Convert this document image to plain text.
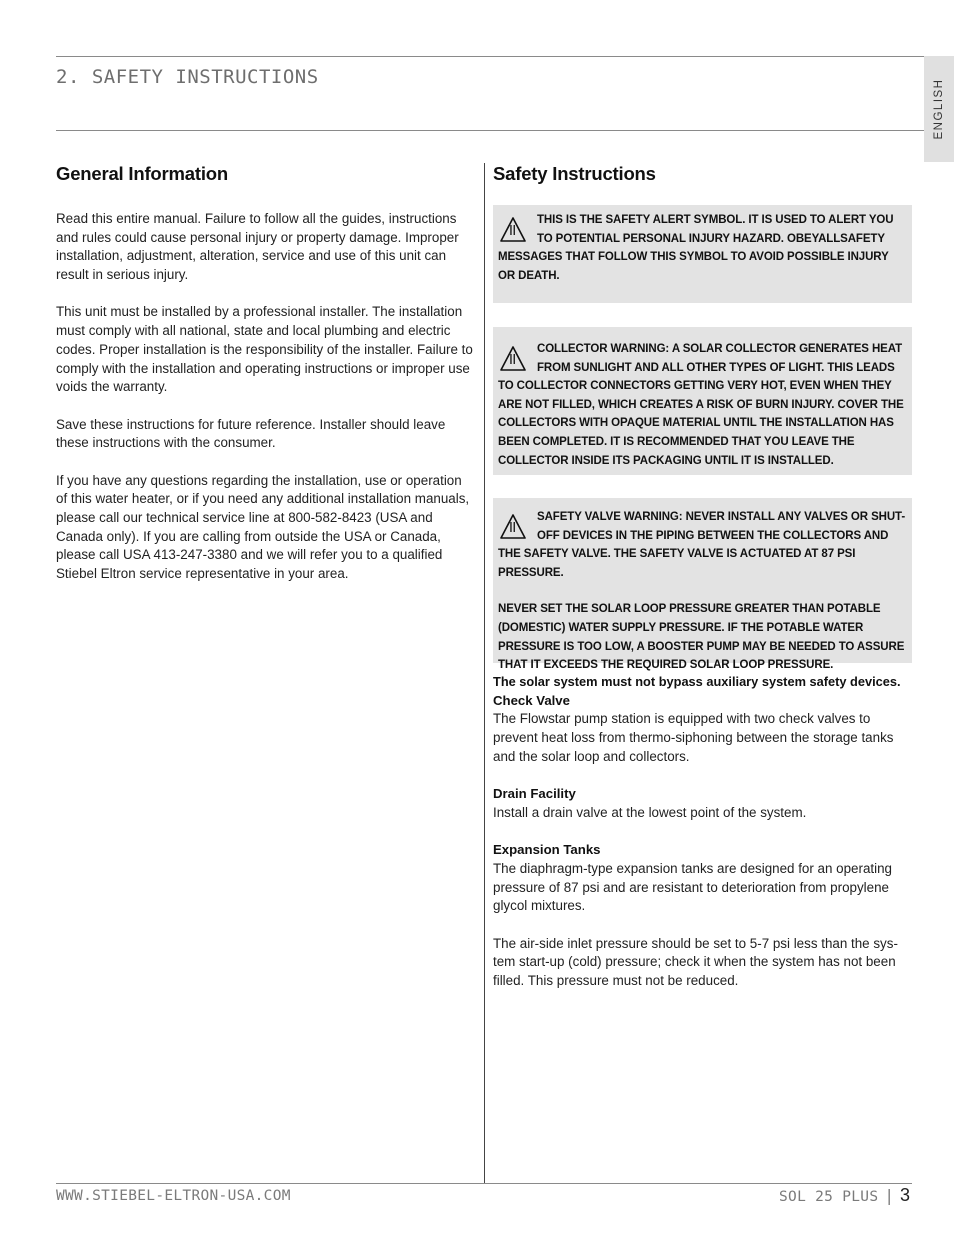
2. SAFETY INSTRUCTIONS
ENGLISH
General Information

Read this entire manual. Failure to follow all the guides, instructions and rules could cause personal injury or property damage. Improper installation, adjustment, alteration, service and use of this unit can result in serious injury.

This unit must be installed by a professional installer. The installation must comply with all national, state and local plumbing and electric codes. Proper installation is the responsibility of the installer. Failure to comply with the installation and operating instructions or improper use voids the warranty.

Save these instructions for future reference. Installer should leave these instructions with the consumer.

If you have any questions regarding the installation, use or operation of this water heater, or if you need any additional installation manuals, please call our technical service line at 800-582-8423 (USA and Canada only). If you are calling from outside the USA or Canada, please call USA 413-247-3380 and we will refer you to a qualified Stiebel Eltron service representative in your area.

Safety Instructions

THIS IS THE SAFETY ALERT SYMBOL. IT IS USED TO ALERT YOU TO POTENTIAL PERSONAL INJURY HAZARD. OBEYALLSAFETY MESSAGES THAT FOLLOW THIS SYMBOL TO AVOID POSSIBLE INJURY OR DEATH.

COLLECTOR WARNING: A SOLAR COLLECTOR GENERATES HEAT FROM SUNLIGHT AND ALL OTHER TYPES OF LIGHT. THIS LEADS TO COLLECTOR CONNECTORS GETTING VERY HOT, EVEN WHEN THEY ARE NOT FILLED, WHICH CREATES A RISK OF BURN INJURY. COVER THE COLLECTORS WITH OPAQUE MATERIAL UNTIL THE INSTALLATION HAS BEEN COMPLETED. IT IS RECOMMENDED THAT YOU LEAVE THE COLLECTOR INSIDE ITS PACKAGING UNTIL IT IS INSTALLED.

SAFETY VALVE WARNING: NEVER INSTALL ANY VALVES OR SHUT-OFF DEVICES IN THE PIPING BETWEEN THE COLLECTORS AND THE SAFETY VALVE. THE SAFETY VALVE IS ACTUATED AT 87 PSI PRESSURE.

NEVER SET THE SOLAR LOOP PRESSURE GREATER THAN POTABLE (DOMESTIC) WATER SUPPLY PRESSURE. IF THE POTABLE WATER PRESSURE IS TOO LOW, A BOOSTER PUMP MAY BE NEEDED TO ASSURE THAT IT EXCEEDS THE REQUIRED SOLAR LOOP PRESSURE.

The solar system must not bypass auxiliary system safety devices.

Check Valve

The Flowstar pump station is equipped with two check valves to prevent heat loss from thermo-siphoning between the storage tanks and the solar loop and collectors.

Drain Facility

Install a drain valve at the lowest point of the system.

Expansion Tanks

The diaphragm-type expansion tanks are designed for an operating pressure of 87 psi and are resistant to deterioration from propylene glycol mixtures.

The air-side inlet pressure should be set to 5-7 psi less than the sys-tem start-up (cold) pressure; check it when the system has not been filled. This pressure must not be reduced.

WWW.STIEBEL-ELTRON-USA.COM	SOL 25 PLUS | 3
